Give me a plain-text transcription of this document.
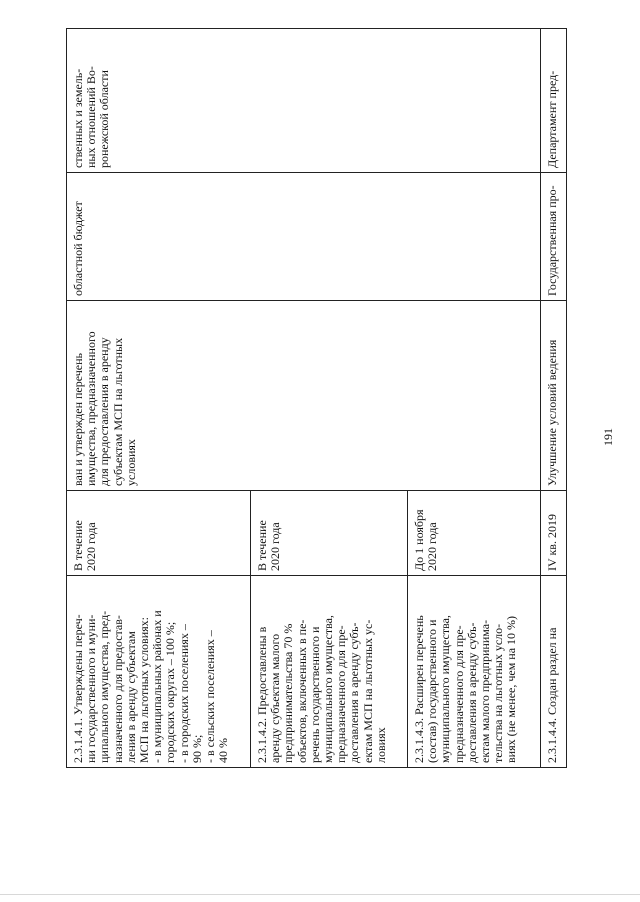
191

2.3.1.4.1. Утверждены переч- ни государственного и муни- ципального имущества, пред- назначенного для предостав- ления в аренду субъектам МСП на льготных условиях: - в муниципальных районах и городских округах – 100 %; - в городских поселениях – 90 %; - в сельских поселениях – 40 %

В течение 2020 года

ван и утвержден перечень имущества, предназначенного для предоставления в аренду субъектам МСП на льготных условиях

областной бюджет

ственных и земель- ных отношений Во- ронежской области

2.3.1.4.2. Предоставлены в аренду субъектам малого предпринимательства 70 % объектов, включенных в пе- речень государственного и муниципального имущества, предназначенного для пре- доставления в аренду субъ- ектам МСП на льготных ус- ловиях

В течение 2020 года

2.3.1.4.3. Расширен перечень (состав) государственного и муниципального имущества, предназначенного для пре- доставления в аренду субъ- ектам малого предпринима- тельства на льготных усло- виях (не менее, чем на 10 %)

До 1 ноября 2020 года

2.3.1.4.4. Создан раздел на

IV кв. 2019

Улучшение условий ведения

Государственная про-

Департамент пред-
